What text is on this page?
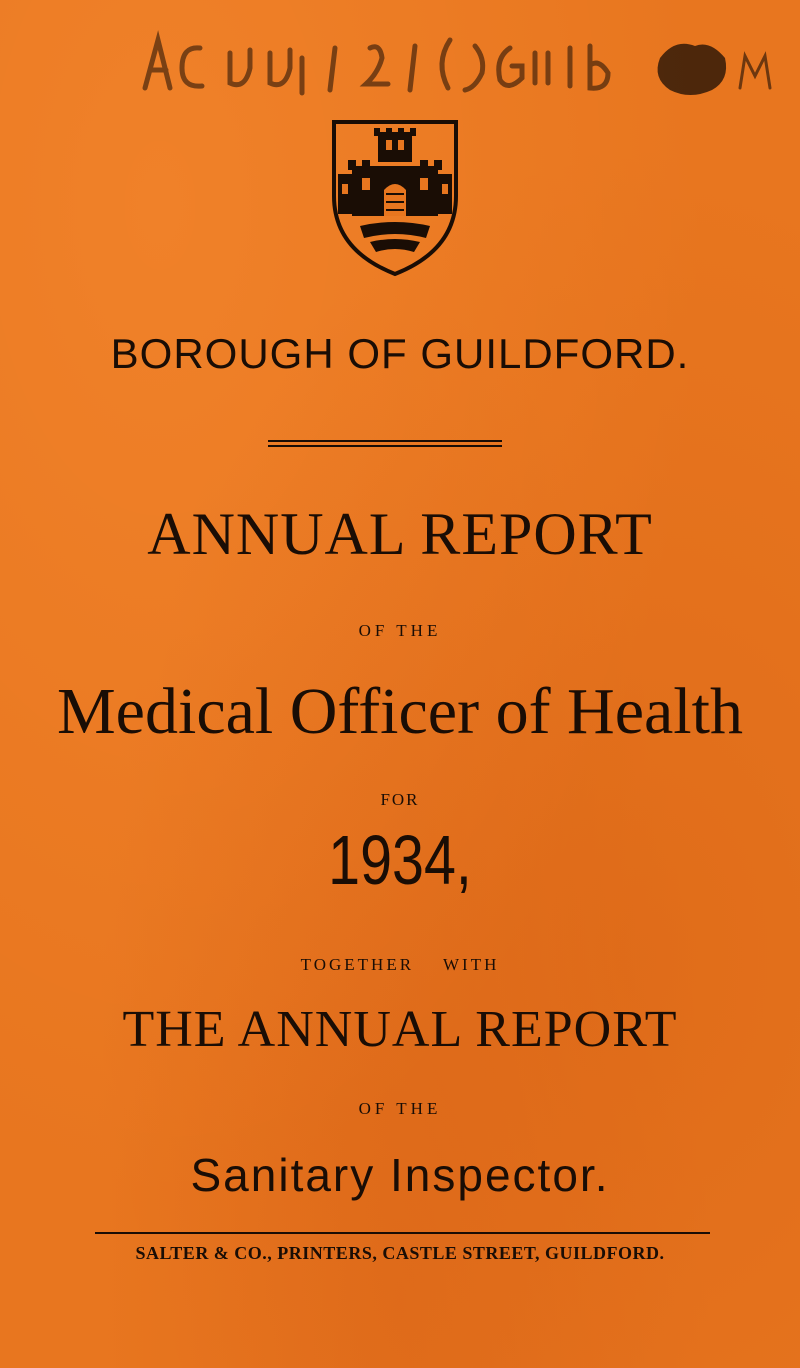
BOROUGH OF GUILDFORD.
ANNUAL REPORT
OF THE
Medical Officer of Health
FOR
1934,
TOGETHER WITH
THE ANNUAL REPORT
OF THE
Sanitary Inspector.
SALTER & CO., PRINTERS, CASTLE STREET, GUILDFORD.
